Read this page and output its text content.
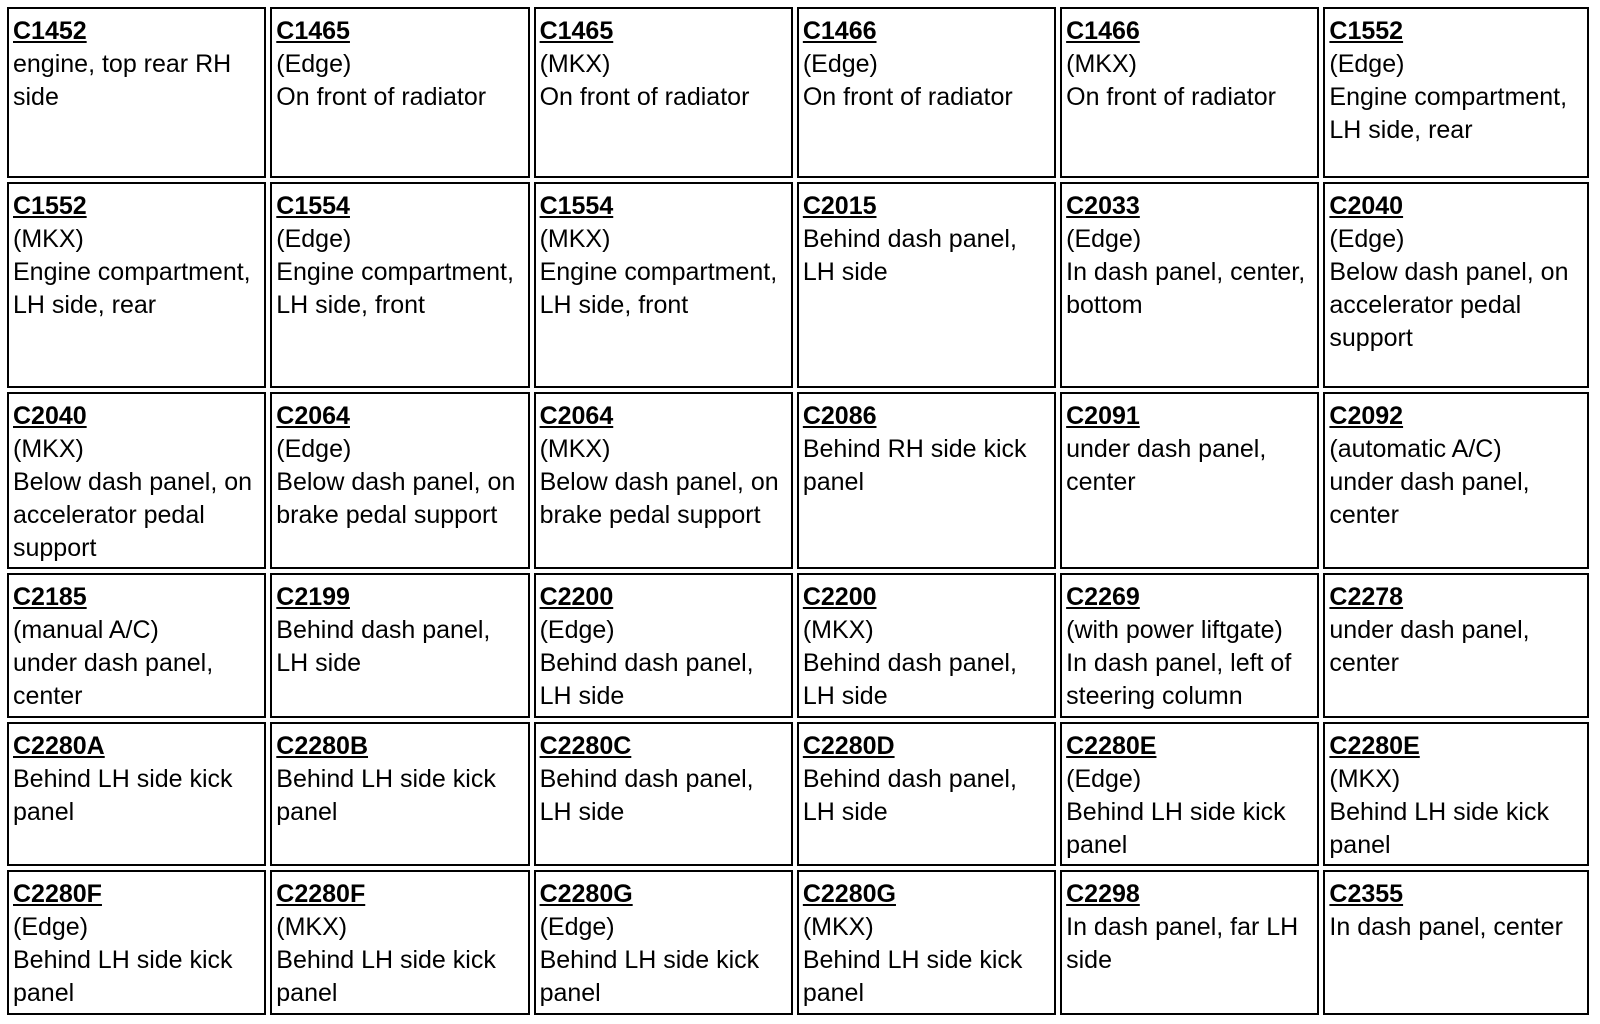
C1452
engine, top rear RH side	C1465
(Edge)
On front of radiator	C1465
(MKX)
On front of radiator	C1466
(Edge)
On front of radiator	C1466
(MKX)
On front of radiator	C1552
(Edge)
Engine compartment, LH side, rear

C1552
(MKX)
Engine compartment, LH side, rear	C1554
(Edge)
Engine compartment, LH side, front	C1554
(MKX)
Engine compartment, LH side, front	C2015
Behind dash panel, LH side	C2033
(Edge)
In dash panel, center, bottom	C2040
(Edge)
Below dash panel, on accelerator pedal support

C2040
(MKX)
Below dash panel, on accelerator pedal support	C2064
(Edge)
Below dash panel, on brake pedal support	C2064
(MKX)
Below dash panel, on brake pedal support	C2086
Behind RH side kick panel	C2091
under dash panel, center	C2092
(automatic A/C)
under dash panel, center

C2185
(manual A/C)
under dash panel, center	C2199
Behind dash panel, LH side	C2200
(Edge)
Behind dash panel, LH side	C2200
(MKX)
Behind dash panel, LH side	C2269
(with power liftgate)
In dash panel, left of steering column	C2278
under dash panel, center

C2280A
Behind LH side kick panel	C2280B
Behind LH side kick panel	C2280C
Behind dash panel, LH side	C2280D
Behind dash panel, LH side	C2280E
(Edge)
Behind LH side kick panel	C2280E
(MKX)
Behind LH side kick panel

C2280F
(Edge)
Behind LH side kick panel	C2280F
(MKX)
Behind LH side kick panel	C2280G
(Edge)
Behind LH side kick panel	C2280G
(MKX)
Behind LH side kick panel	C2298
In dash panel, far LH side	C2355
In dash panel, center
